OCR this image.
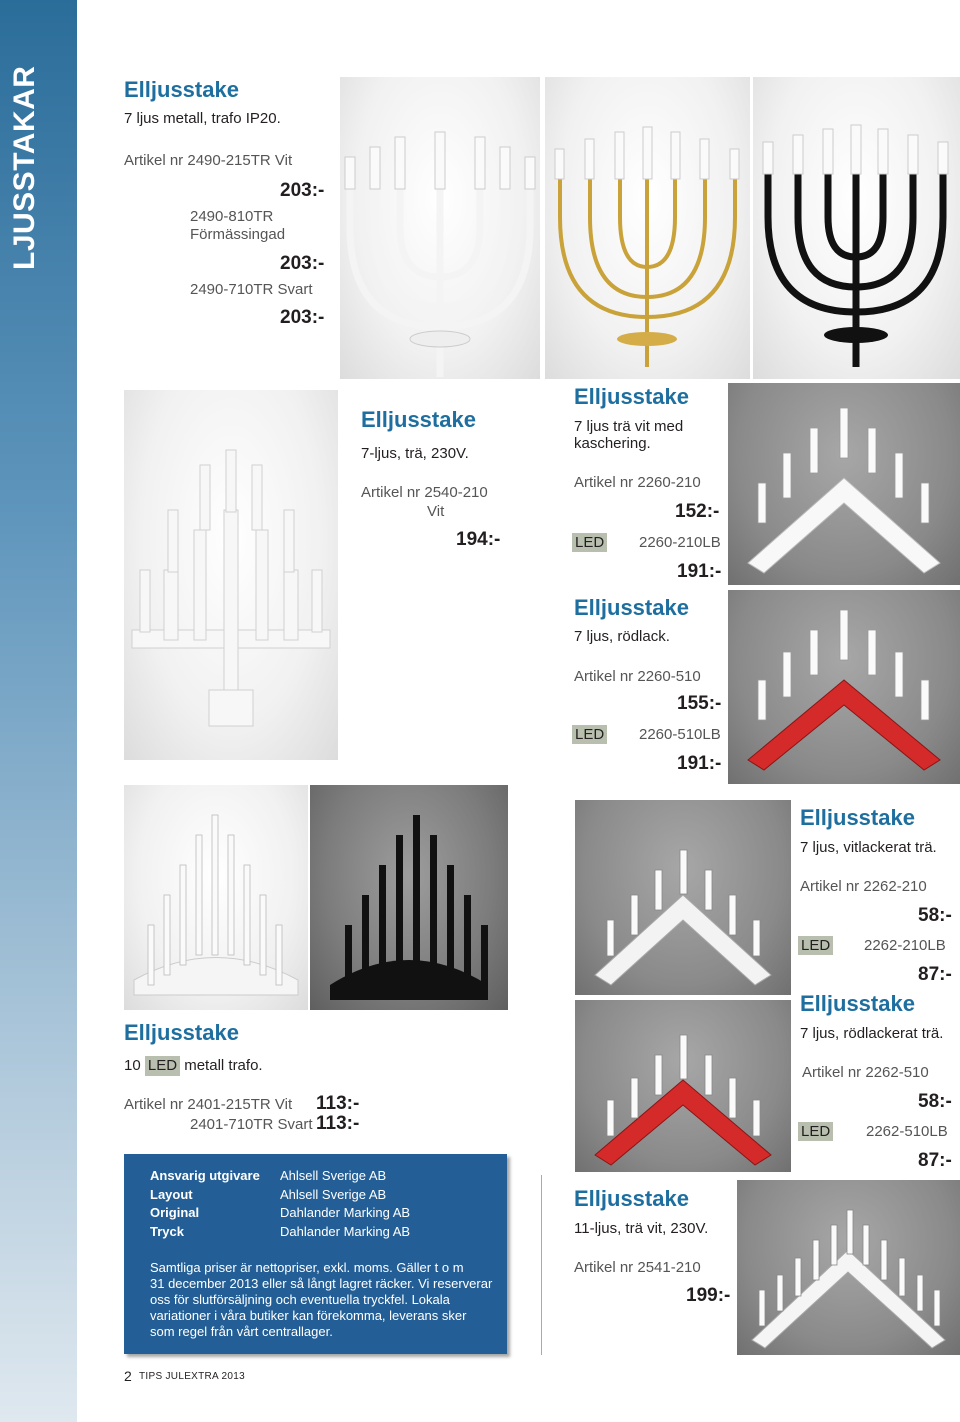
LJUSSTAKAR	Elljusstake
7 ljus metall, trafo IP20.
Artikel nr 2490-215TR Vit
203:-
2490-810TR
Förmässingad
203:-
2490-710TR Svart
203:-
Elljusstake
7-ljus, trä, 230V.
Artikel nr 2540-210
Vit
194:-
Elljusstake
7 ljus trä vit med
kaschering.
Artikel nr 2260-210
152:-
LED 2260-210LB
191:-
Elljusstake
7 ljus, rödlack.
Artikel nr 2260-510
155:-
LED 2260-510LB
191:-
Elljusstake
10 LED metall trafo.
Artikel nr 2401-215TR Vit 113:-
2401-710TR Svart 113:-
Elljusstake
7 ljus, vitlackerat trä.
Artikel nr 2262-210
58:-
LED 2262-210LB
87:-
Elljusstake
7 ljus, rödlackerat trä.
Artikel nr 2262-510
58:-
LED 2262-510LB
87:-
Elljusstake
11-ljus, trä vit, 230V.
Artikel nr 2541-210
199:-
Ansvarig utgivare Ahlsell Sverige AB
Layout	Ahlsell Sverige AB
Original	Dahlander Marking AB
Tryck	Dahlander Marking AB
Samtliga priser är nettopriser, exkl. moms. Gäller t o m
31 december 2013 eller så långt lagret räcker. Vi reserverar
oss för slutförsäljning och eventuella tryckfel. Lokala
variationer i våra butiker kan förekomma, leverans sker
som regel från vårt centrallager.
2 TIPS JULEXTRA 2013
